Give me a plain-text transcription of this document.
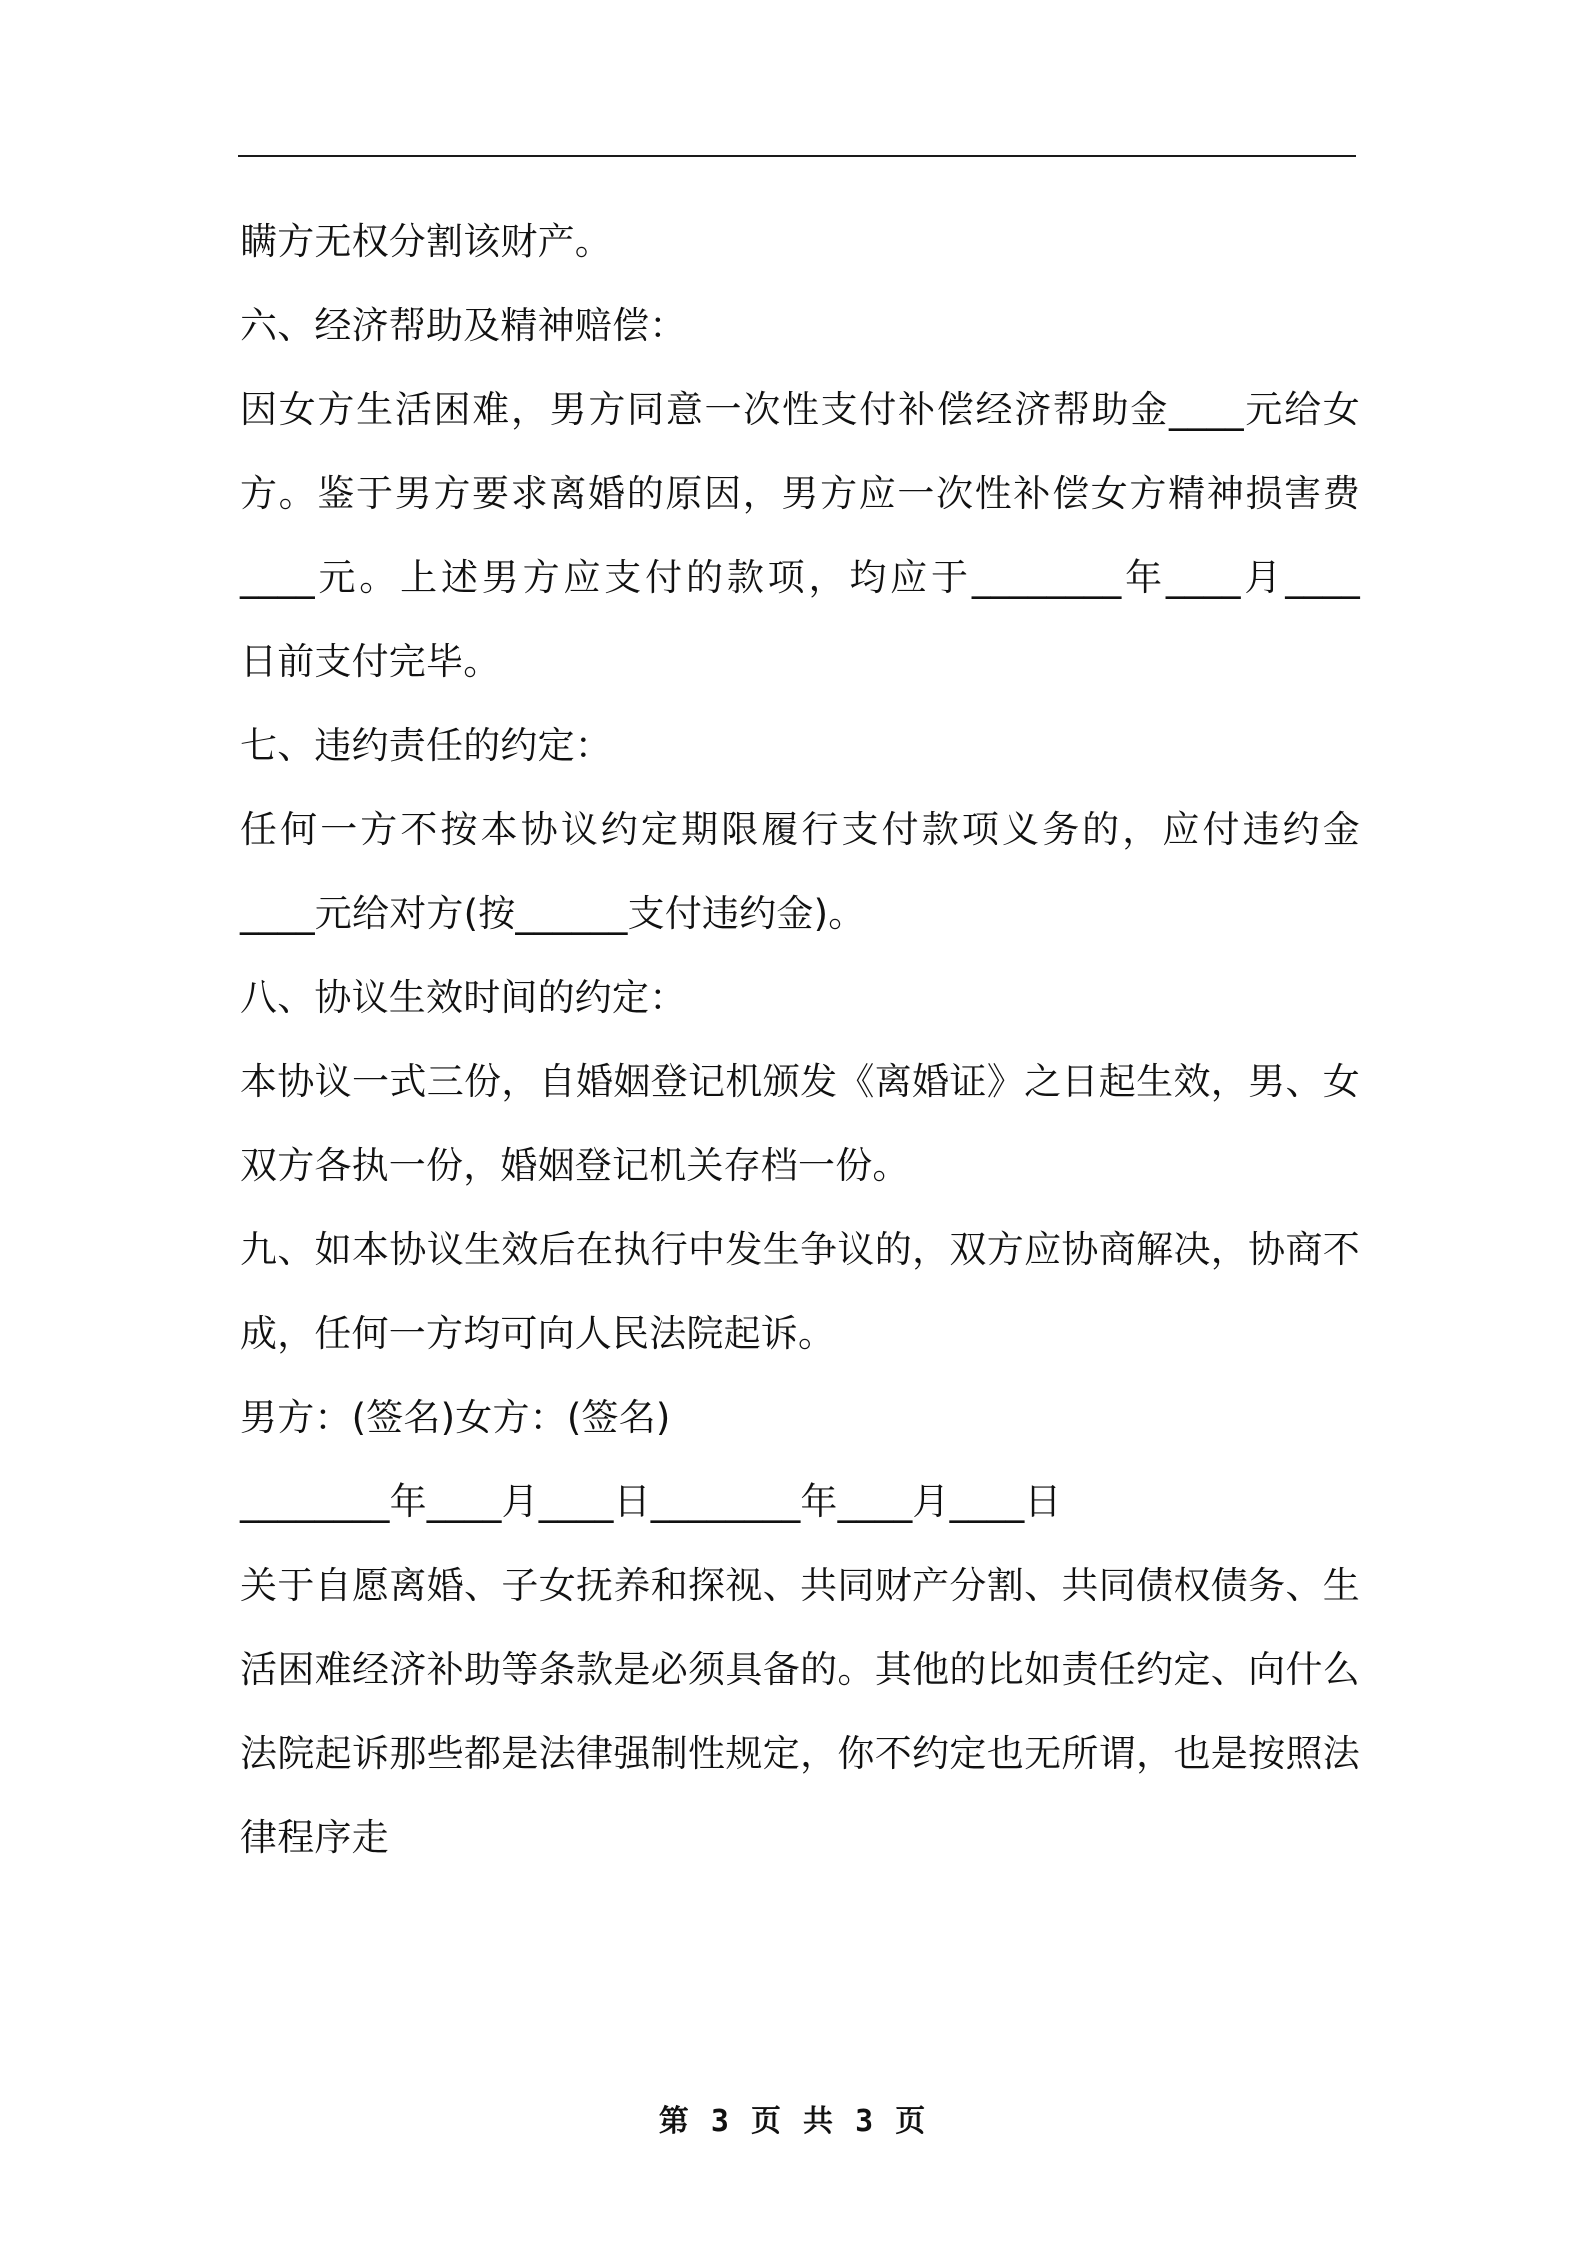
瞒方无权分割该财产。
六、经济帮助及精神赔偿：
因女方生活困难，男方同意一次性支付补偿经济帮助金____元给女
方。鉴于男方要求离婚的原因，男方应一次性补偿女方精神损害费
____元。上述男方应支付的款项，均应于________年____月____
日前支付完毕。
七、违约责任的约定：
任何一方不按本协议约定期限履行支付款项义务的，应付违约金
____元给对方(按______支付违约金)。
八、协议生效时间的约定：
本协议一式三份，自婚姻登记机颁发《离婚证》之日起生效，男、女
双方各执一份，婚姻登记机关存档一份。
九、如本协议生效后在执行中发生争议的，双方应协商解决，协商不
成，任何一方均可向人民法院起诉。
男方：(签名)女方：(签名)
________年____月____日________年____月____日
关于自愿离婚、子女抚养和探视、共同财产分割、共同债权债务、生
活困难经济补助等条款是必须具备的。其他的比如责任约定、向什么
法院起诉那些都是法律强制性规定，你不约定也无所谓，也是按照法
律程序走
第 3 页 共 3 页
